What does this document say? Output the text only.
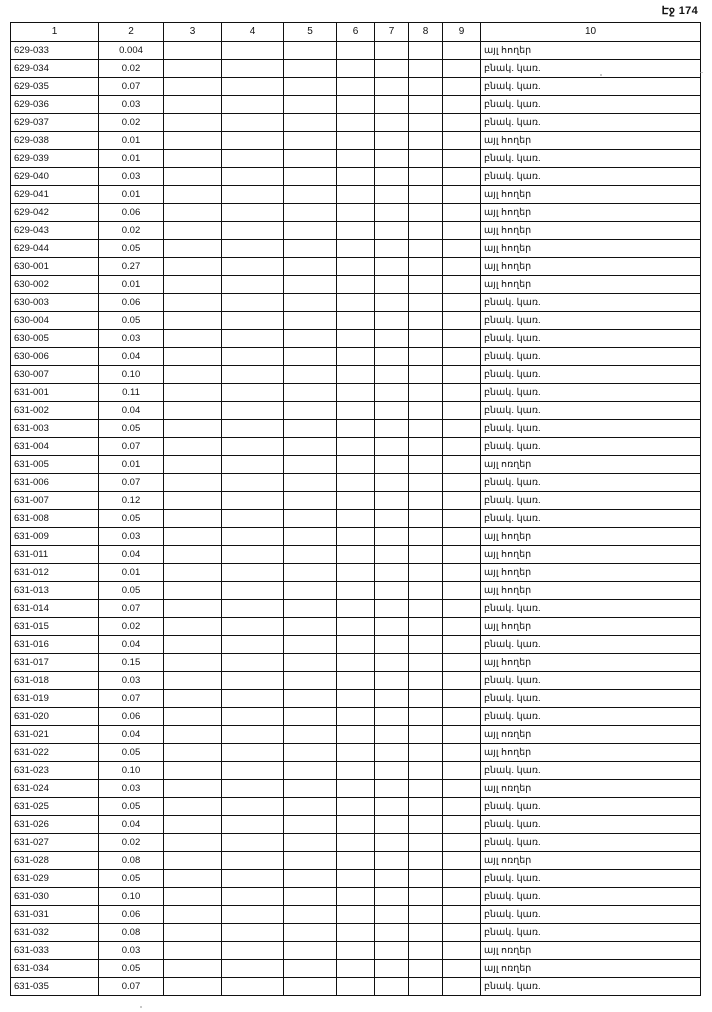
Էջ 174
1	2	3	4	5	6	7	8	9	10
629-033	0.004								այլ հողեր
629-034	0.02								բնակ. կառ.
629-035	0.07								բնակ. կառ.
629-036	0.03								բնակ. կառ.
629-037	0.02								բնակ. կառ.
629-038	0.01								այլ հողեր
629-039	0.01								բնակ. կառ.
629-040	0.03								բնակ. կառ.
629-041	0.01								այլ հողեր
629-042	0.06								այլ հողեր
629-043	0.02								այլ հողեր
629-044	0.05								այլ հողեր
630-001	0.27								այլ հողեր
630-002	0.01								այլ հողեր
630-003	0.06								բնակ. կառ.
630-004	0.05								բնակ. կառ.
630-005	0.03								բնակ. կառ.
630-006	0.04								բնակ. կառ.
630-007	0.10								բնակ. կառ.
631-001	0.11								բնակ. կառ.
631-002	0.04								բնակ. կառ.
631-003	0.05								բնակ. կառ.
631-004	0.07								բնակ. կառ.
631-005	0.01								այլ ոռղեր
631-006	0.07								բնակ. կառ.
631-007	0.12								բնակ. կառ.
631-008	0.05								բնակ. կառ.
631-009	0.03								այլ հողեր
631-011	0.04								այլ հողեր
631-012	0.01								այլ հողեր
631-013	0.05								այլ հողեր
631-014	0.07								բնակ. կառ.
631-015	0.02								այլ հողեր
631-016	0.04								բնակ. կառ.
631-017	0.15								այլ հողեր
631-018	0.03								բնակ. կառ.
631-019	0.07								բնակ. կառ.
631-020	0.06								բնակ. կառ.
631-021	0.04								այլ ոռղեր
631-022	0.05								այլ հողեր
631-023	0.10								բնակ. կառ.
631-024	0.03								այլ ոռղեր
631-025	0.05								բնակ. կառ.
631-026	0.04								բնակ. կառ.
631-027	0.02								բնակ. կառ.
631-028	0.08								այլ ոռղեր
631-029	0.05								բնակ. կառ.
631-030	0.10								բնակ. կառ.
631-031	0.06								բնակ. կառ.
631-032	0.08								բնակ. կառ.
631-033	0.03								այլ ոռղեր
631-034	0.05								այլ ոռղեր
631-035	0.07								բնակ. կառ.
